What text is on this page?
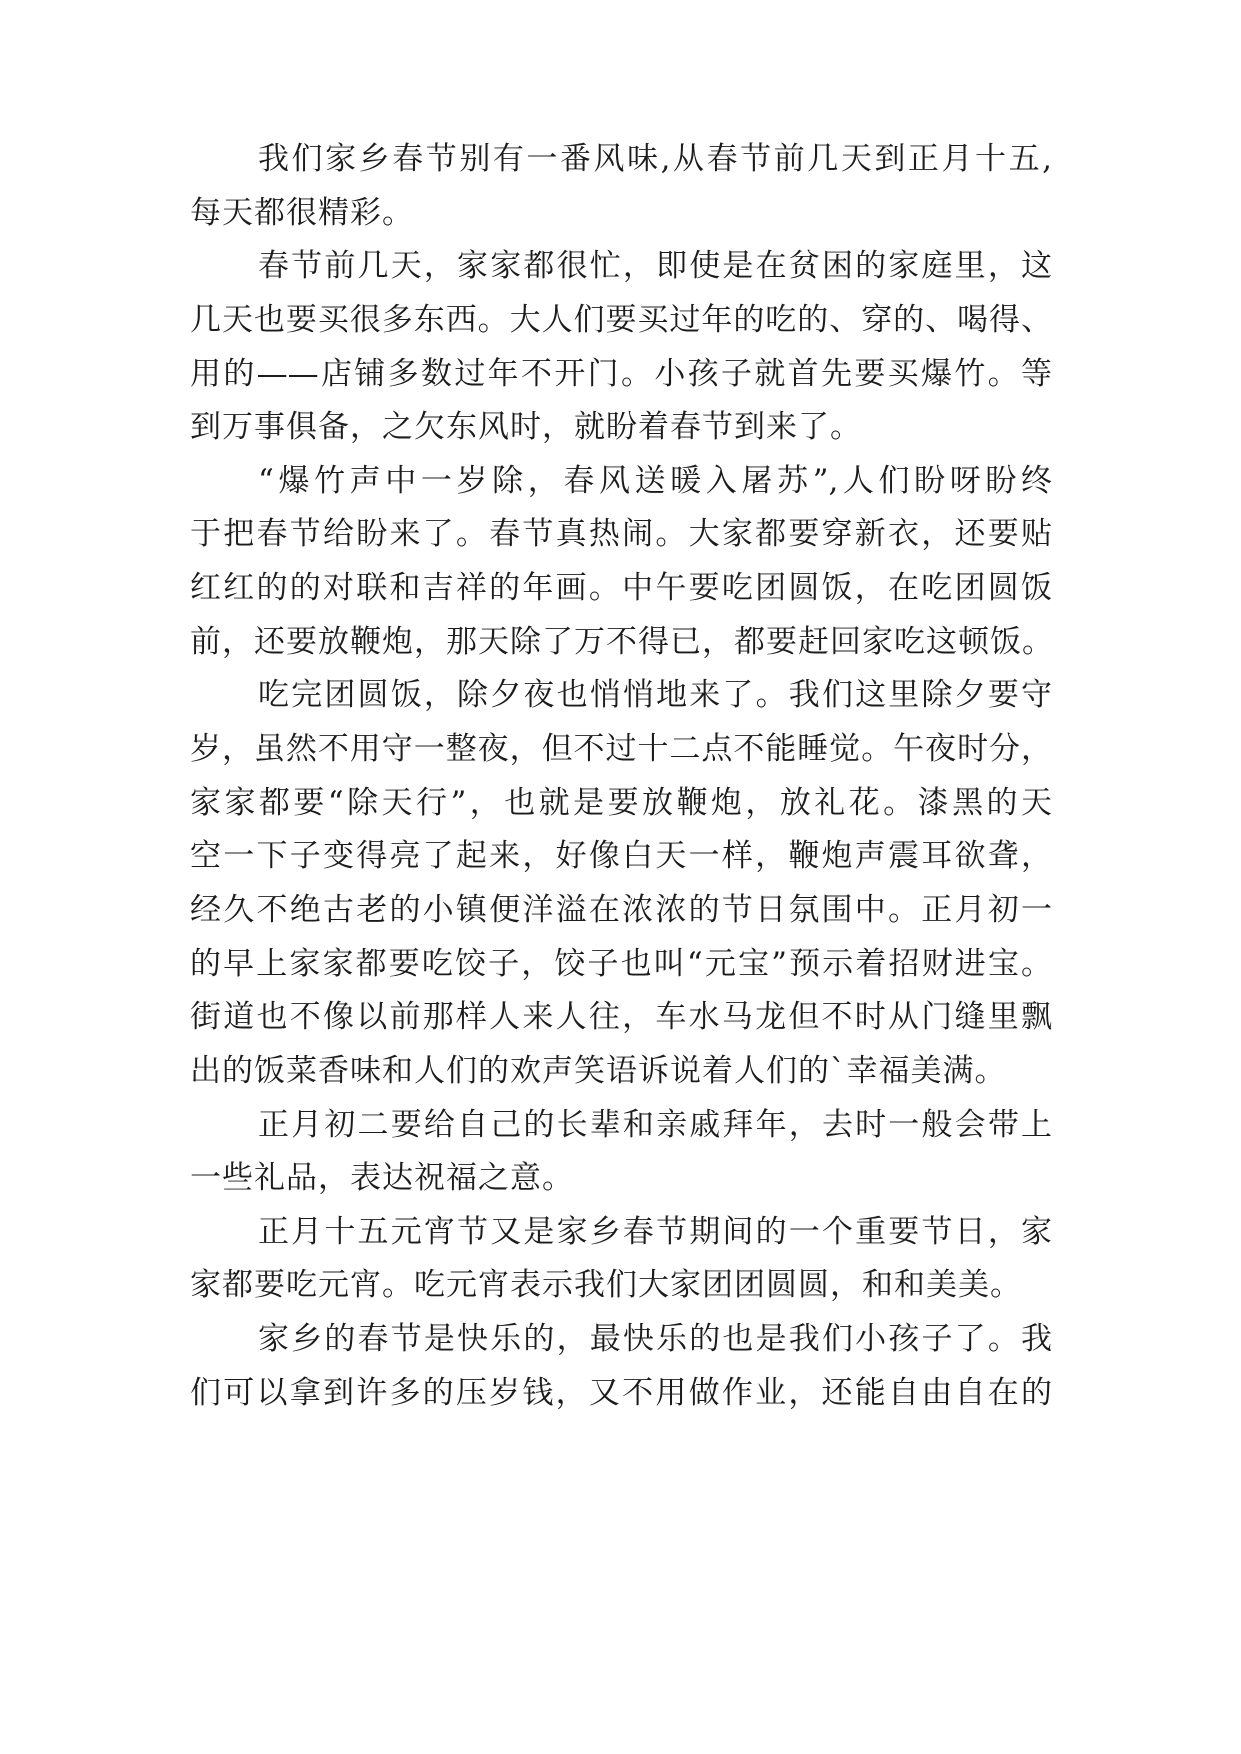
我们家乡春节别有一番风味,从春节前几天到正月十五,
每天都很精彩。
春节前几天，家家都很忙，即使是在贫困的家庭里，这
几天也要买很多东西。大人们要买过年的吃的、穿的、喝得、
用的——店铺多数过年不开门。小孩子就首先要买爆竹。等
到万事俱备，之欠东风时，就盼着春节到来了。
“爆竹声中一岁除，春风送暖入屠苏”,人们盼呀盼终
于把春节给盼来了。春节真热闹。大家都要穿新衣，还要贴
红红的的对联和吉祥的年画。中午要吃团圆饭，在吃团圆饭
前，还要放鞭炮，那天除了万不得已，都要赶回家吃这顿饭。
吃完团圆饭，除夕夜也悄悄地来了。我们这里除夕要守
岁，虽然不用守一整夜，但不过十二点不能睡觉。午夜时分，
家家都要“除天行”，也就是要放鞭炮，放礼花。漆黑的天
空一下子变得亮了起来，好像白天一样，鞭炮声震耳欲聋，
经久不绝古老的小镇便洋溢在浓浓的节日氛围中。正月初一
的早上家家都要吃饺子，饺子也叫“元宝”预示着招财进宝。
街道也不像以前那样人来人往，车水马龙但不时从门缝里飘
出的饭菜香味和人们的欢声笑语诉说着人们的`幸福美满。
正月初二要给自己的长辈和亲戚拜年，去时一般会带上
一些礼品，表达祝福之意。
正月十五元宵节又是家乡春节期间的一个重要节日，家
家都要吃元宵。吃元宵表示我们大家团团圆圆，和和美美。
家乡的春节是快乐的，最快乐的也是我们小孩子了。我
们可以拿到许多的压岁钱，又不用做作业，还能自由自在的
